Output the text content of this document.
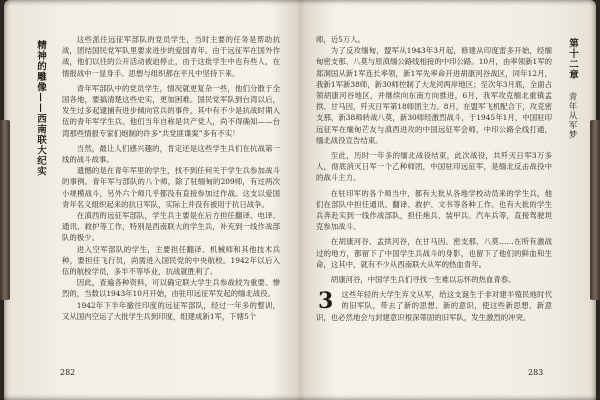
精神的雕像——西南联大纪实

这些派往远征军部队的党员学生，当时主要的任务是帮助抗战，团结国民党军队里要求进步的爱国青年。由于远征军在国外作战，他们以往的公开活动被迫停止，由于这批学生中也有些人，在情报战中一显身手。思想与组织都在平凡中坚持下来。

青年军部队中的党员学生，情况就更复杂一些，他们分散于全国各地，要搞清楚这些史实，更加困难。国民党军队到台湾以后，发生过多起逮捕有进步倾向官兵的事件，其中有不少是抗战时期入伍的青年军学生兵。他们当年自称是共产党人，尚不得确知——台湾那些情报专家们炮制的许多“共党匪谍案”多有不实！

当然，最让人们感兴趣的，肯定还是这些学生兵们在抗战第一线的战斗故事。

遗憾的是在青年军里的学生，找不到任何关于学生兵参加战斗的事例。青年军与部队的八个师，除了驻缅甸的209师，有过两次小规模战斗，另外六个师几乎都没有直接参加过作战。这支以爱国青年名义组织起来的抗日军队，实际上并没有被用于抗日战争。

在滇西的远征军部队，学生兵主要是在后方担任翻译、电译、通讯、救护等工作，特别是西南联大的学生兵，补充到一线作战部队的极少。

进入空军部队的学生，主要担任翻译、机械师和其他技术兵种，要担任飞行员，尚需进入国民党的中央航校。1942年以后入伍的航校学员，多半不等毕业，抗战就胜利了。

因此，查遍各种资料，可以确定联大学生兵参战较为重要、惨烈的，当数以1943年10月开始，由驻印远征军发起的缅北战役。

1942年下半年撤往印度的远征军部队，经过一年多的整训，又从国内空运了大批学生兵到印度，组建成新1军，下辖5个

282

师，近5万人。

为了反攻缅甸，盟军从1943年3月起，修建从印度雷多开始，经缅甸密支那、八莫与原滇缅公路线相接的中印公路。10月，由率领新1军的郑洞国从新1军连长率领，新1军先率命开进胡康河谷战区，同年12月，我新1军新38师，新30师控制了大龙河两岸地区；至次年3月底，全面占领胡康河谷地区，并继续向东南方向推进，6月，我军攻克缅北重镇孟拱、甘马因，歼灭日军第18师团主力。8月，在盟军飞机配合下，攻克密支那，新38师转战八莫，新30师经激烈战斗，于1945年1月，中国驻印远征军在缅甸芒友与滇西进攻的中国远征军会师，中印公路全线打通，缅北战役宣告结束。

至此，历时一年多的缅北战役结束，此次战役，共歼灭日军3万多人，彻底消灭日军一个乙种师团，中国驻印远征军，是缅北反击战役中的战斗主力。

在驻印军的各个师当中，都有大批从各地学校动员来的学生兵，他们在部队中担任通讯、翻译、救护、文书等各种工作。也有大批的学生兵奔赴实到一线作战部队，担任炮兵、装甲兵、汽车兵等，直接驾驶坦克参加战斗。

在胡康河谷、孟拱河谷，在甘马因、密支那、八莫……在所有激战过的地方，都留下了中国学生兵战斗的身影，也留下了他们的鲜血和生命，这其中，就有不少从西南联大从军的热血青年。

胡康河谷，中国学生兵们寻找一生难以忘怀的热血青春。

3 这些年轻的大学生弃文从军，给这支诞生于非对建半殖民地时代的旧军队，带去了新的思想、新的意识，使这些新思想、新意识，也必然地会与封建意识根深蒂固的旧军队，发生激烈的冲突。

第十二章 青年从军梦
283
